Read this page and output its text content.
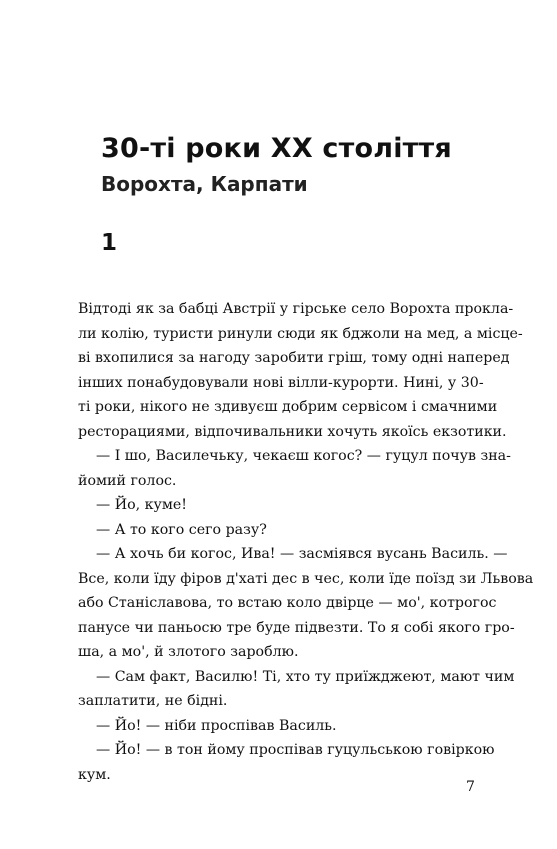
30-ті роки XX століття
Ворохта, Карпати
1
Відтоді як за бабці Австрії у гірське село Ворохта прокла-
ли колію, туристи ринули сюди як бджоли на мед, а місце-
ві вхопилися за нагоду заробити гріш, тому одні наперед
інших понабудовували нові вілли-курорти. Нині, у 30-
ті роки, нікого не здивуєш добрим сервісом і смачними
ресторациями, відпочивальники хочуть якоїсь екзотики.
— І шо, Василечьку, чекаєш когос? — гуцул почув зна-
йомий голос.
— Йо, куме!
— А то кого сего разу?
— А хочь би когос, Ива! — засміявся вусань Василь. —
Все, коли їду фіров д'хаті дес в чес, коли їде поїзд зи Львова
або Станіславова, то встаю коло двірце — мо', котрогос
панусе чи паньосю тре буде підвезти. То я собі якого гро-
ша, а мо', й злотого зароблю.
— Сам факт, Василю! Ті, хто ту приїжджеют, мают чим
заплатити, не бідні.
— Йо! — ніби проспівав Василь.
— Йо! — в тон йому проспівав гуцульською говіркою
кум.
7
